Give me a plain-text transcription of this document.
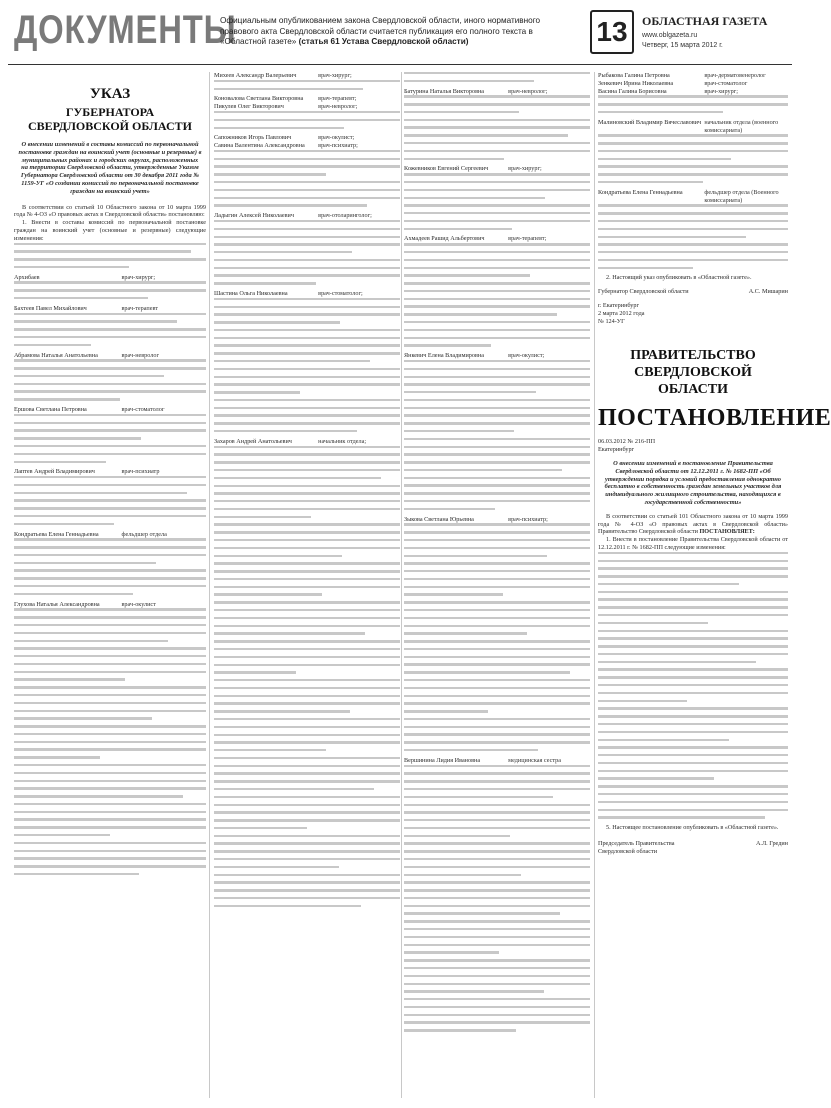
ДОКУМЕНТЫ
Официальным опубликованием закона Свердловской области, иного нормативного правового акта Свердловской области считается публикация его полного текста в «Областной газете» (статья 61 Устава Свердловской области)	13	ОБЛАСТНАЯ ГАЗЕТА
www.oblgazeta.ru
Четверг, 15 марта 2012 г.
УКАЗ
ГУБЕРНАТОРА СВЕРДЛОВСКОЙ ОБЛАСТИ

О внесении изменений в составы комиссий по первоначальной постановке граждан на воинский учет (основные и резервные) в муниципальных районах и городских округах, расположенных на территории Свердловской области, утвержденные Указом Губернатора Свердловской области от 30 декабря 2011 года № 1159-УГ «О создании комиссий по первоначальной постановке граждан на воинский учет»

В соответствии со статьей 10 Областного закона от 10 марта 1999 года № 4-ОЗ «О правовых актах в Свердловской области» постановляю:

1. Внести в составы комиссий по первоначальной постановке граждан на воинский учет (основные и резервные) следующие изменения:

Архибаев	врач-хирург;
Бахтеев Павел Михайлович	врач-терапевт
Абрамова Наталья Анатольевна	врач-невролог
Ершова Светлана Петровна	врач-стоматолог
Лаптев Андрей Владимирович	врач-психиатр
Кондратьева Елена Геннадьевна	фельдшер отдела
Глухова Наталья Александровна	врач-окулист
Михеев Александр Валерьевич	врач-хирург;
Коновалова Светлана Викторовна	врач-терапевт;
Пикулев Олег Викторович	врач-невролог;
Сапожников Игорь Павлович	врач-окулист;
Савина Валентина Александровна	врач-психиатр;
Ладыгин Алексей Николаевич	врач-отоларинголог;
Шастина Ольга Николаевна	врач-стоматолог;
Захаров Андрей Анатольевич	начальник отдела;
Батурина Наталья Викторовна	врач-невролог;
Кожевников Евгений Сергеевич	врач-хирург;
Ахмадеев Рашид Альбертович	врач-терапевт;
Янкевич Елена Владимировна	врач-окулист;
Зыкова Светлана Юрьевна	врач-психиатр;
Вершинина Лидия Ивановна	медицинская сестра
Рыбакова Галина Петровна	врач-дерматовенеролог
Зенкевич Ирина Николаевна	врач-стоматолог
Васина Галина Борисовна	врач-хирург;
Малиновский Владимир Вячеславович начальник отдела (военного комиссариата)
Кондратьева Елена Геннадьевна	фельдшер отдела (Военного комиссариата)

2. Настоящий указ опубликовать в «Областной газете».

Губернатор Свердловской области	А.С. Мишарин
г. Екатеринбург
2 марта 2012 года
№ 124-УГ
ПРАВИТЕЛЬСТВО СВЕРДЛОВСКОЙ ОБЛАСТИ
ПОСТАНОВЛЕНИЕ
06.03.2012 № 216-ПП
Екатеринбург

О внесении изменений в постановление Правительства Свердловской области от 12.12.2011 г. № 1682-ПП «Об утверждении порядка и условий предоставления однократно бесплатно в собственность граждан земельных участков для индивидуального жилищного строительства, находящихся в государственной собственности»

В соответствии со статьей 101 Областного закона от 10 марта 1999 года № 4-ОЗ «О правовых актах в Свердловской области» Правительство Свердловской области ПОСТАНОВЛЯЕТ:

1. Внести в постановление Правительства Свердловской области от 12.12.2011 г. № 1682-ПП следующие изменения:

5. Настоящее постановление опубликовать в «Областной газете».

Председатель Правительства Свердловской области
А.Л. Гредин
